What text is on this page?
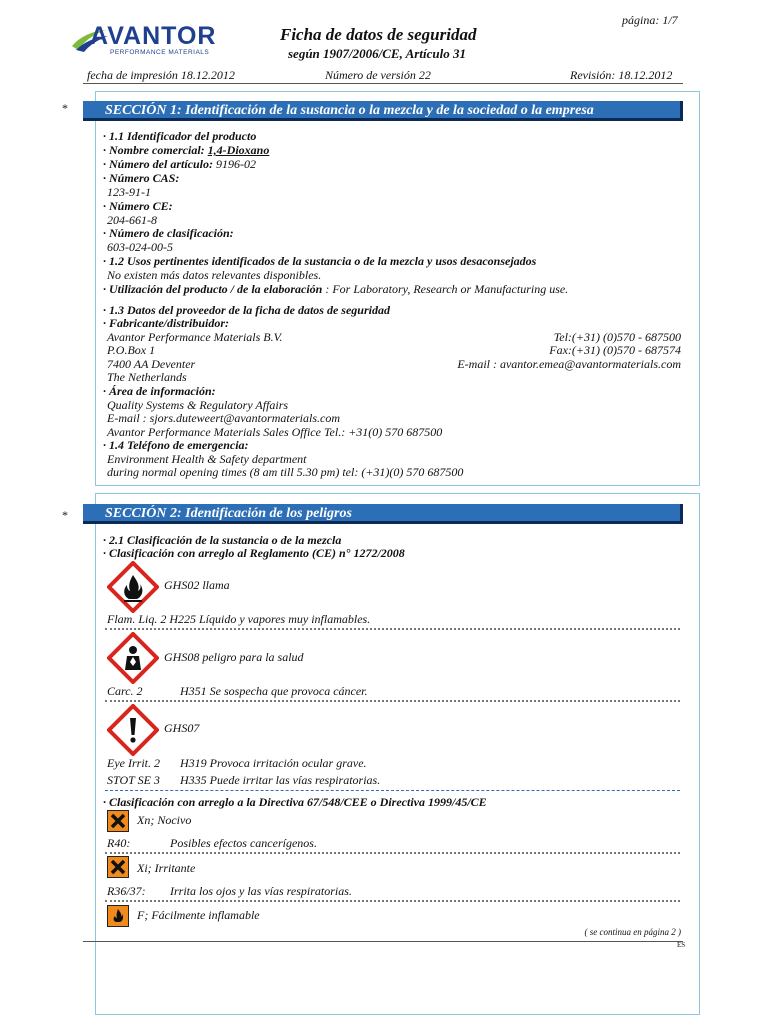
AVANTOR
PERFORMANCE MATERIALS
página: 1/7
Ficha de datos de seguridad
según 1907/2006/CE, Artículo 31
fecha de impresión 18.12.2012	Número de versión 22	Revisión: 18.12.2012
*	SECCIÓN 1: Identificación de la sustancia o la mezcla y de la sociedad o la empresa
· 1.1 Identificador del producto
· Nombre comercial: 1,4-Dioxano
· Número del artículo: 9196-02
· Número CAS:
123-91-1
· Número CE:
204-661-8
· Número de clasificación:
603-024-00-5
· 1.2 Usos pertinentes identificados de la sustancia o de la mezcla y usos desaconsejados
No existen más datos relevantes disponibles.
· Utilización del producto / de la elaboración : For Laboratory, Research or Manufacturing use.
· 1.3 Datos del proveedor de la ficha de datos de seguridad
· Fabricante/distribuidor:
Avantor Performance Materials B.V.	Tel:(+31) (0)570 - 687500
P.O.Box 1	Fax:(+31) (0)570 - 687574
7400 AA Deventer	E-mail : avantor.emea@avantormaterials.com
The Netherlands
· Área de información:
Quality Systems & Regulatory Affairs
E-mail : sjors.duteweert@avantormaterials.com
Avantor Performance Materials Sales Office Tel.: +31(0) 570 687500
· 1.4 Teléfono de emergencia:
Environment Health & Safety department
during normal opening times (8 am till 5.30 pm) tel: (+31)(0) 570 687500
*	SECCIÓN 2: Identificación de los peligros
· 2.1 Clasificación de la sustancia o de la mezcla
· Clasificación con arreglo al Reglamento (CE) n° 1272/2008
GHS02 llama
Flam. Liq. 2 H225 Líquido y vapores muy inflamables.
GHS08 peligro para la salud
Carc. 2	H351 Se sospecha que provoca cáncer.
GHS07
Eye Irrit. 2 H319 Provoca irritación ocular grave.
STOT SE 3 H335 Puede irritar las vías respiratorias.
· Clasificación con arreglo a la Directiva 67/548/CEE o Directiva 1999/45/CE
Xn; Nocivo
R40:	Posibles efectos cancerígenos.
Xi; Irritante
R36/37: Irrita los ojos y las vías respiratorias.
F; Fácilmente inflamable
( se continua en página 2 )
ES
